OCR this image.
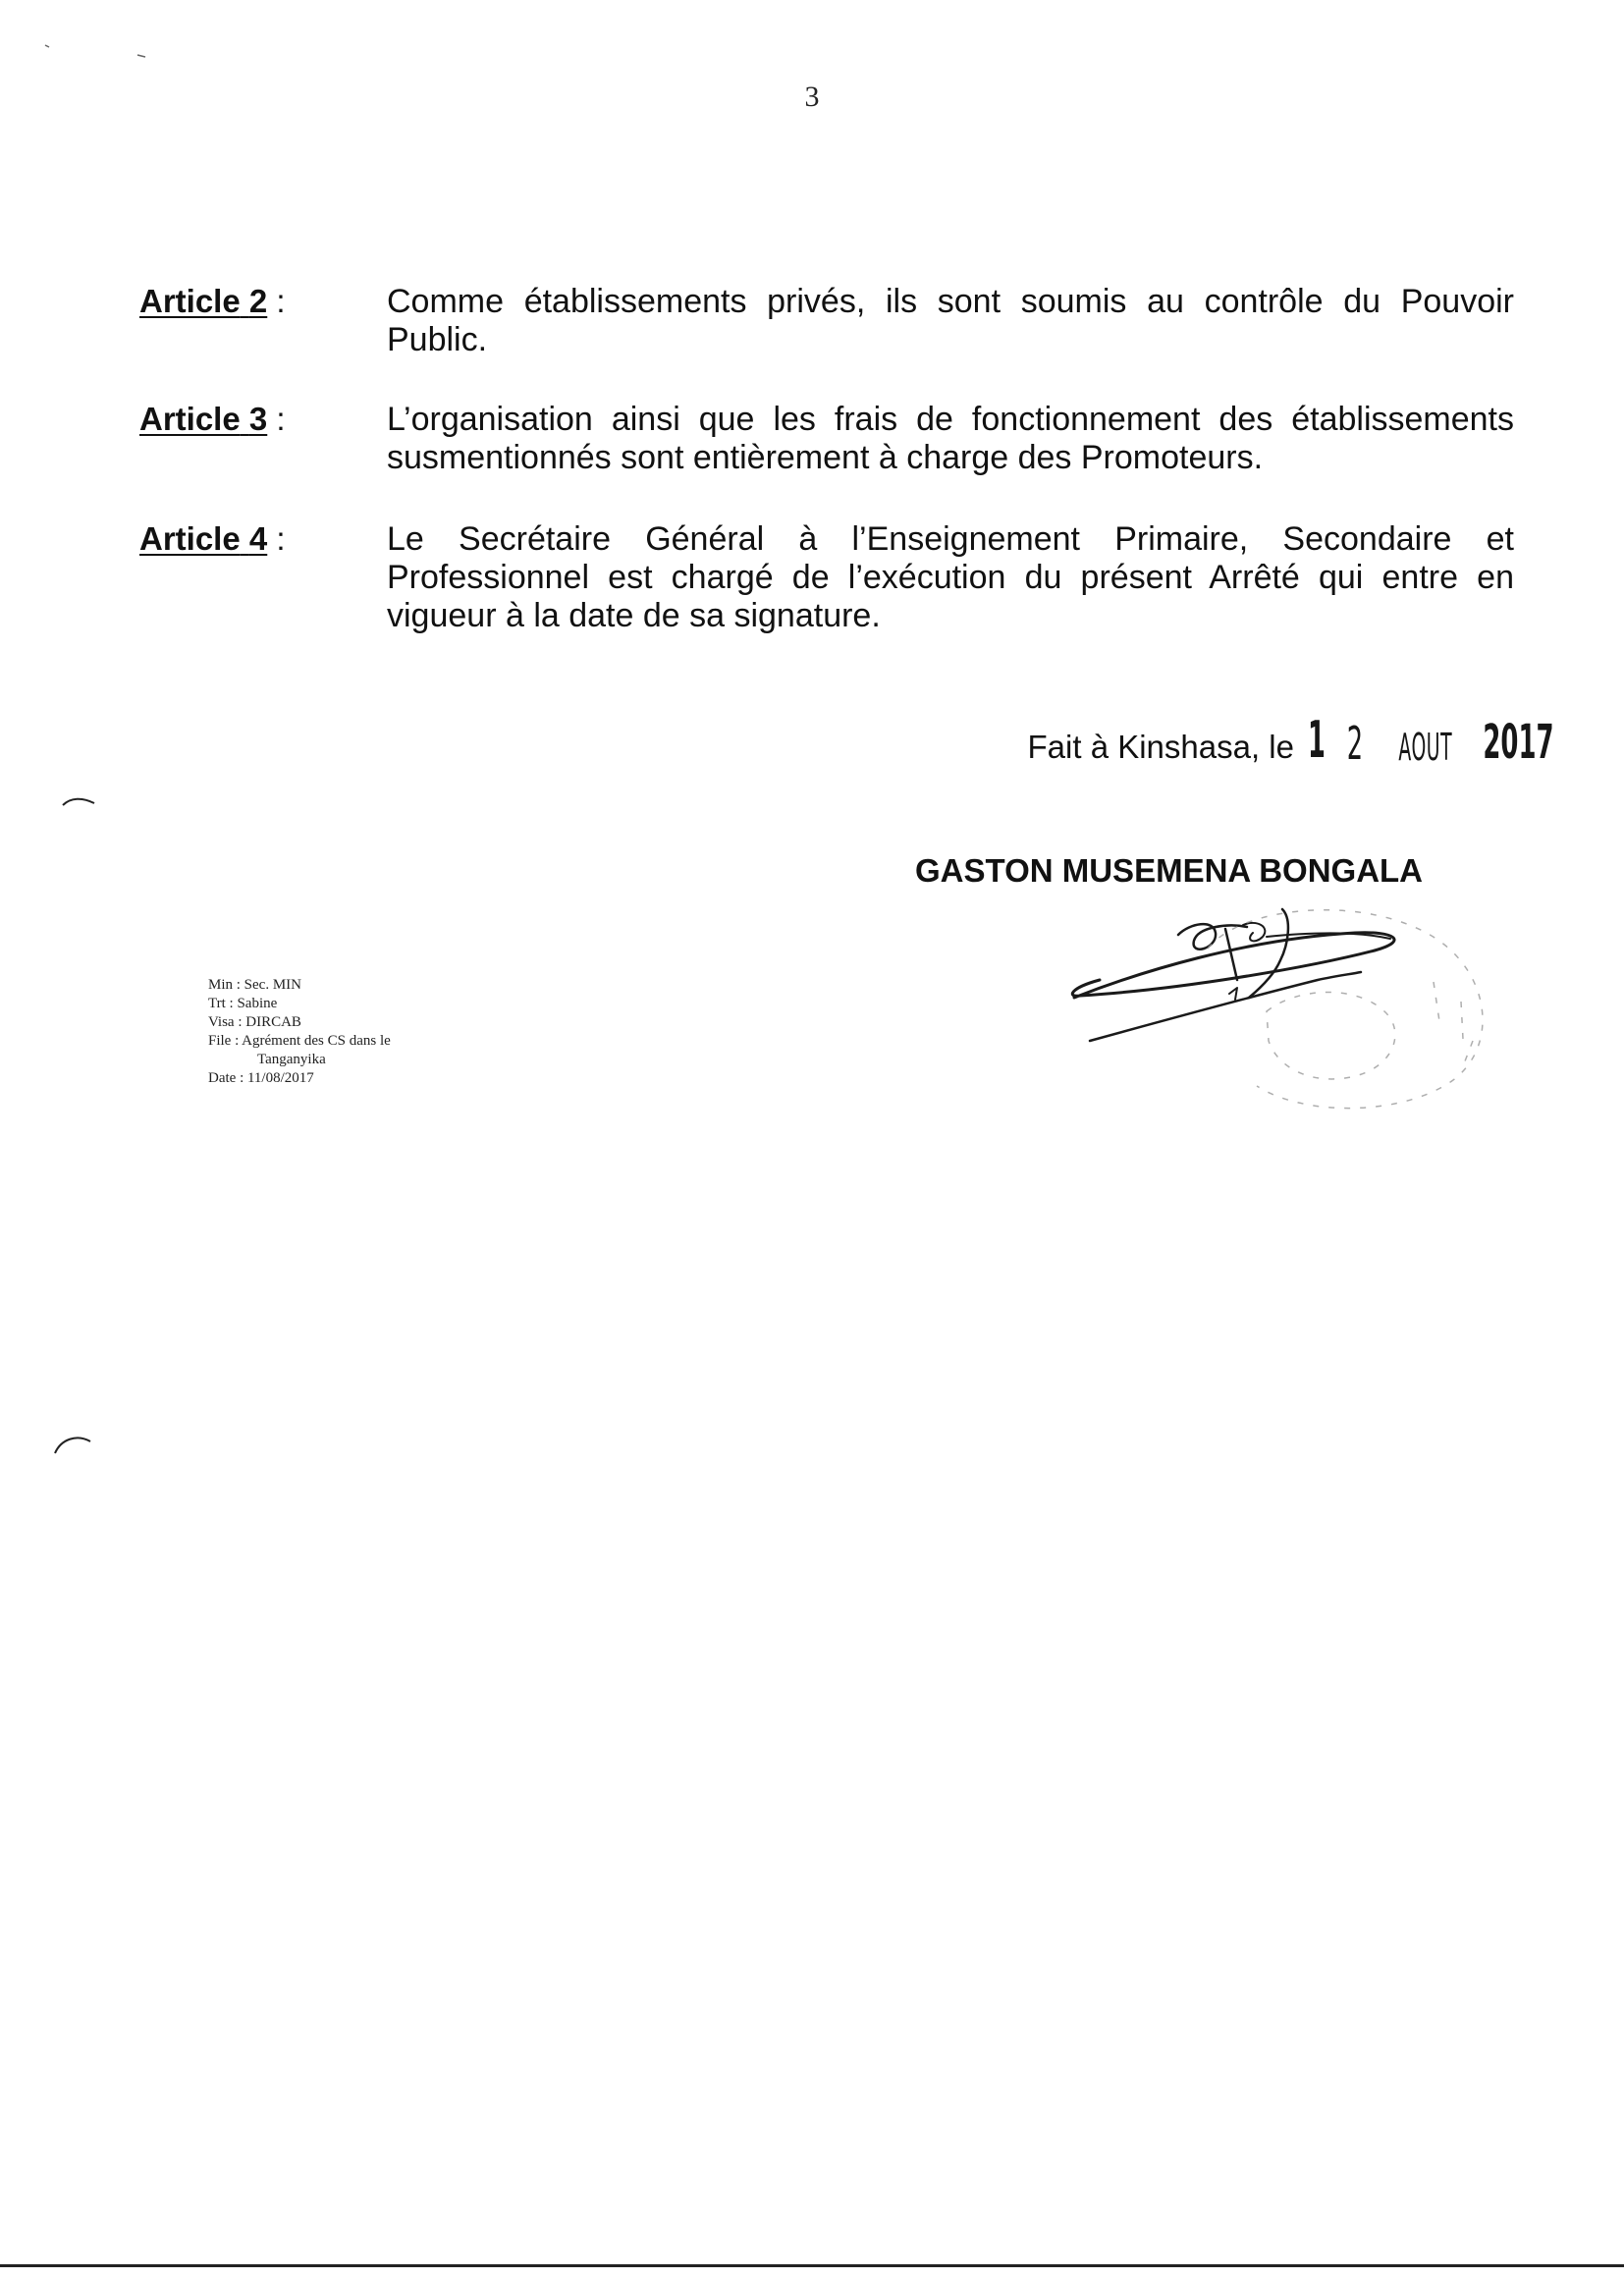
3
Article 2 :	Comme établissements privés, ils sont soumis au contrôle du Pouvoir Public.
Article 3 :	L’organisation ainsi que les frais de fonctionnement des établissements susmentionnés sont entièrement à charge des Promoteurs.
Article 4 :	Le Secrétaire Général à l’Enseignement Primaire, Secondaire et Professionnel est chargé de l’exécution du présent Arrêté qui entre en vigueur à la date de sa signature.
Fait à Kinshasa, le 1 2 AOUT 2017
GASTON MUSEMENA BONGALA
Min : Sec. MIN
Trt : Sabine
Visa : DIRCAB
File : Agrément des CS dans le
Tanganyika
Date : 11/08/2017
